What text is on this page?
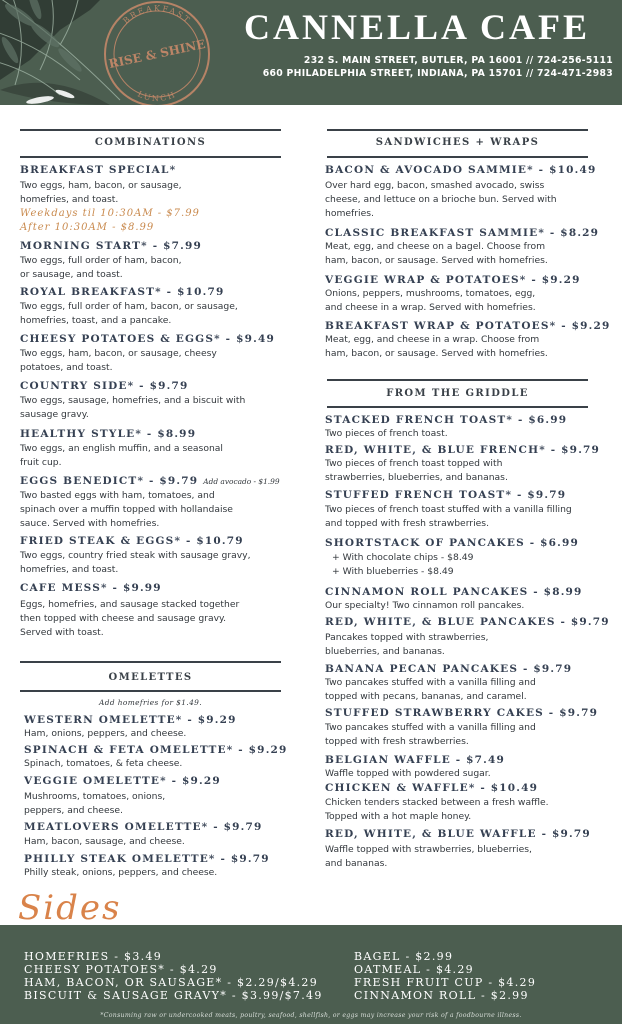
BREAKFAST
LUNCH
RISE & SHINE
CANNELLA CAFE
232 S. MAIN STREET, BUTLER, PA 16001 // 724-256-5111
660 PHILADELPHIA STREET, INDIANA, PA 15701 // 724-471-2983
COMBINATIONS
BREAKFAST SPECIAL*
Two eggs, ham, bacon, or sausage,
homefries, and toast.
Weekdays til 10:30AM - $7.99
After 10:30AM - $8.99
MORNING START* - $7.99
Two eggs, full order of ham, bacon,
or sausage, and toast.
ROYAL BREAKFAST* - $10.79
Two eggs, full order of ham, bacon, or sausage,
homefries, toast, and a pancake.
CHEESY POTATOES & EGGS* - $9.49
Two eggs, ham, bacon, or sausage, cheesy
potatoes, and toast.
COUNTRY SIDE* - $9.79
Two eggs, sausage, homefries, and a biscuit with
sausage gravy.
HEALTHY STYLE* - $8.99
Two eggs, an english muffin, and a seasonal
fruit cup.
EGGS BENEDICT* - $9.79 Add avocado - $1.99
Two basted eggs with ham, tomatoes, and
spinach over a muffin topped with hollandaise
sauce. Served with homefries.
FRIED STEAK & EGGS* - $10.79
Two eggs, country fried steak with sausage gravy,
homefries, and toast.
CAFE MESS* - $9.99
Eggs, homefries, and sausage stacked together
then topped with cheese and sausage gravy.
Served with toast.
OMELETTES
Add homefries for $1.49.
WESTERN OMELETTE* - $9.29
Ham, onions, peppers, and cheese.
SPINACH & FETA OMELETTE* - $9.29
Spinach, tomatoes, & feta cheese.
VEGGIE OMELETTE* - $9.29
Mushrooms, tomatoes, onions,
peppers, and cheese.
MEATLOVERS OMELETTE* - $9.79
Ham, bacon, sausage, and cheese.
PHILLY STEAK OMELETTE* - $9.79
Philly steak, onions, peppers, and cheese.
SANDWICHES + WRAPS
BACON & AVOCADO SAMMIE* - $10.49
Over hard egg, bacon, smashed avocado, swiss
cheese, and lettuce on a brioche bun. Served with
homefries.
CLASSIC BREAKFAST SAMMIE* - $8.29
Meat, egg, and cheese on a bagel. Choose from
ham, bacon, or sausage. Served with homefries.
VEGGIE WRAP & POTATOES* - $9.29
Onions, peppers, mushrooms, tomatoes, egg,
and cheese in a wrap. Served with homefries.
BREAKFAST WRAP & POTATOES* - $9.29
Meat, egg, and cheese in a wrap. Choose from
ham, bacon, or sausage. Served with homefries.
FROM THE GRIDDLE
STACKED FRENCH TOAST* - $6.99
Two pieces of french toast.
RED, WHITE, & BLUE FRENCH* - $9.79
Two pieces of french toast topped with
strawberries, blueberries, and bananas.
STUFFED FRENCH TOAST* - $9.79
Two pieces of french toast stuffed with a vanilla filling
and topped with fresh strawberries.
SHORTSTACK OF PANCAKES - $6.99
+ With chocolate chips - $8.49
+ With blueberries - $8.49
CINNAMON ROLL PANCAKES - $8.99
Our specialty! Two cinnamon roll pancakes.
RED, WHITE, & BLUE PANCAKES - $9.79
Pancakes topped with strawberries,
blueberries, and bananas.
BANANA PECAN PANCAKES - $9.79
Two pancakes stuffed with a vanilla filling and
topped with pecans, bananas, and caramel.
STUFFED STRAWBERRY CAKES - $9.79
Two pancakes stuffed with a vanilla filling and
topped with fresh strawberries.
BELGIAN WAFFLE - $7.49
Waffle topped with powdered sugar.
CHICKEN & WAFFLE* - $10.49
Chicken tenders stacked between a fresh waffle.
Topped with a hot maple honey.
RED, WHITE, & BLUE WAFFLE - $9.79
Waffle topped with strawberries, blueberries,
and bananas.
Sides
HOMEFRIES - $3.49
CHEESY POTATOES* - $4.29
HAM, BACON, OR SAUSAGE* - $2.29/$4.29
BISCUIT & SAUSAGE GRAVY* - $3.99/$7.49
BAGEL - $2.99
OATMEAL - $4.29
FRESH FRUIT CUP - $4.29
CINNAMON ROLL - $2.99
*Consuming raw or undercooked meats, poultry, seafood, shellfish, or eggs may increase your risk of a foodbourne illness.
